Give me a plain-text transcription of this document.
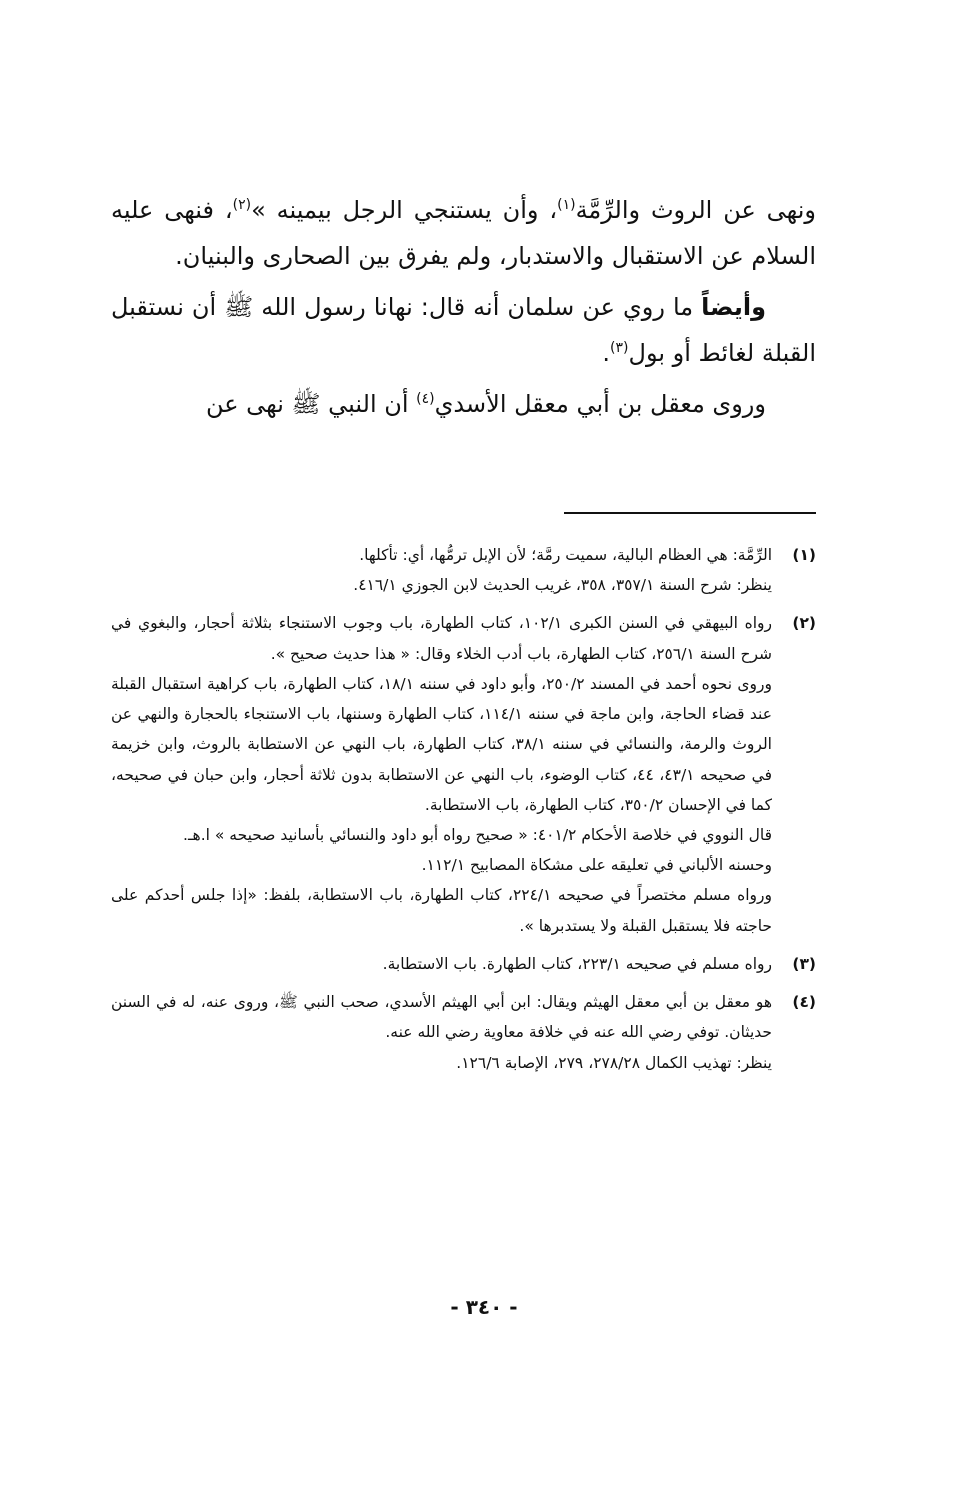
ونهى عن الروث والرِّمَّة$^{(١)}$، وأن يستنجي الرجل بيمينه »$^{(٢)}$، فنهى عليه السلام عن الاستقبال والاستدبار، ولم يفرق بين الصحارى والبنيان.

وأيضاً ما روي عن سلمان أنه قال: نهانا رسول الله ﷺ أن نستقبل القبلة لغائط أو بول$^{(٣)}$.

وروى معقل بن أبي معقل الأسدي$^{(٤)}$ أن النبي ﷺ نهى عن

(١)

الرِّمَّة: هي العظام البالية، سميت رمَّة؛ لأن الإبل ترمُّها، أي: تأكلها.

ينظر: شرح السنة ٣٥٧/١، ٣٥٨، غريب الحديث لابن الجوزي ٤١٦/١.

(٢)

رواه البيهقي في السنن الكبرى ١٠٢/١، كتاب الطهارة، باب وجوب الاستنجاء بثلاثة أحجار، والبغوي في شرح السنة ٢٥٦/١، كتاب الطهارة، باب أدب الخلاء وقال: « هذا حديث صحيح ».

وروى نحوه أحمد في المسند ٢٥٠/٢، وأبو داود في سننه ١٨/١، كتاب الطهارة، باب كراهية استقبال القبلة عند قضاء الحاجة، وابن ماجة في سننه ١١٤/١، كتاب الطهارة وسننها، باب الاستنجاء بالحجارة والنهي عن الروث والرمة، والنسائي في سننه ٣٨/١، كتاب الطهارة، باب النهي عن الاستطابة بالروث، وابن خزيمة في صحيحه ٤٣/١، ٤٤، كتاب الوضوء، باب النهي عن الاستطابة بدون ثلاثة أحجار، وابن حبان في صحيحه، كما في الإحسان ٣٥٠/٢، كتاب الطهارة، باب الاستطابة.

قال النووي في خلاصة الأحكام ٤٠١/٢: « صحيح رواه أبو داود والنسائي بأسانيد صحيحه » ا.هـ.

وحسنه الألباني في تعليقه على مشكاة المصابيح ١١٢/١.

ورواه مسلم مختصراً في صحيحه ٢٢٤/١، كتاب الطهارة، باب الاستطابة، بلفظ: «إذا جلس أحدكم على حاجته فلا يستقبل القبلة ولا يستدبرها ».

(٣)

رواه مسلم في صحيحه ٢٢٣/١، كتاب الطهارة. باب الاستطابة.

(٤)

هو معقل بن أبي معقل الهيثم ويقال: ابن أبي الهيثم الأسدي، صحب النبي ﷺ، وروى عنه، له في السنن حديثان. توفي رضي الله عنه في خلافة معاوية رضي الله عنه.

ينظر: تهذيب الكمال ٢٧٨/٢٨، ٢٧٩، الإصابة ١٢٦/٦.

- ٣٤٠ -
